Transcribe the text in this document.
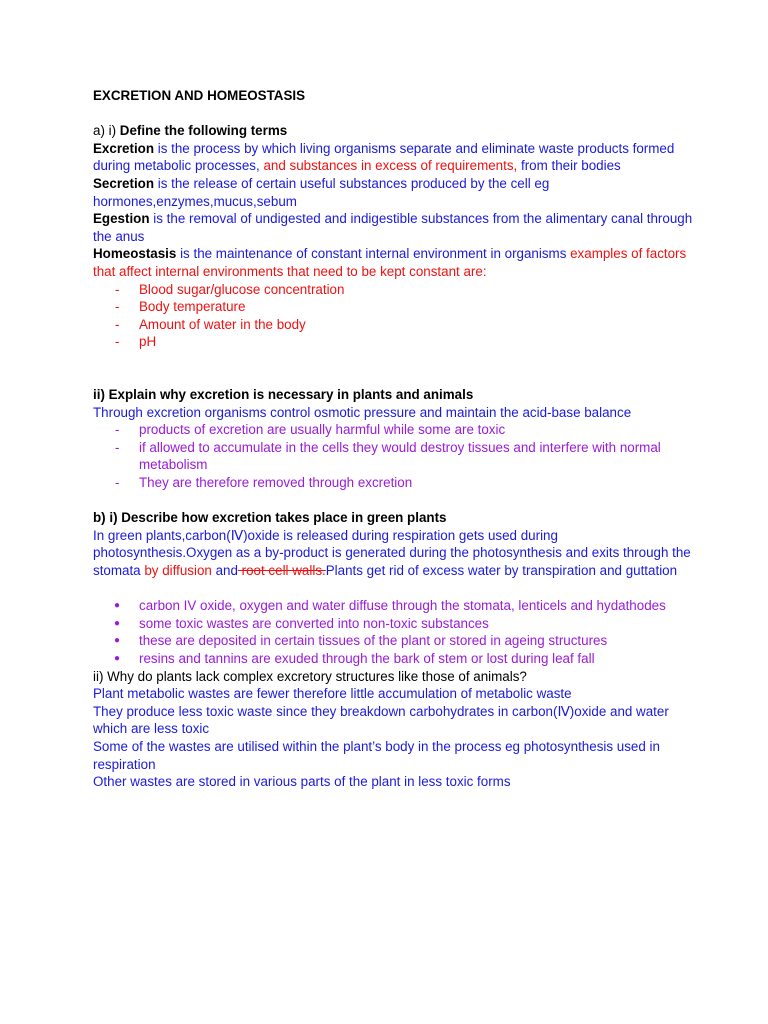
EXCRETION AND HOMEOSTASIS

a) i) Define the following terms

Excretion is the process by which living organisms separate and eliminate waste products formed during metabolic processes, and substances in excess of requirements, from their bodies

Secretion is the release of certain useful substances produced by the cell eg hormones,enzymes,mucus,sebum

Egestion is the removal of undigested and indigestible substances from the alimentary canal through the anus

Homeostasis is the maintenance of constant internal environment in organisms examples of factors that affect internal environments that need to be kept constant are:

- Blood sugar/glucose concentration
- Body temperature
- Amount of water in the body
- pH

ii) Explain why excretion is necessary in plants and animals

Through excretion organisms control osmotic pressure and maintain the acid-base balance

- products of excretion are usually harmful while some are toxic
- if allowed to accumulate in the cells they would destroy tissues and interfere with normal metabolism
- They are therefore removed through excretion

b) i) Describe how excretion takes place in green plants

In green plants,carbon(Ⅳ)oxide is released during respiration gets used during photosynthesis.Oxygen as a by-product is generated during the photosynthesis and exits through the stomata by diffusion and root cell walls.Plants get rid of excess water by transpiration and guttation

● carbon IV oxide, oxygen and water diffuse through the stomata, lenticels and hydathodes
● some toxic wastes are converted into non-toxic substances
● these are deposited in certain tissues of the plant or stored in ageing structures
● resins and tannins are exuded through the bark of stem or lost during leaf fall

ii) Why do plants lack complex excretory structures like those of animals?

Plant metabolic wastes are fewer therefore little accumulation of metabolic waste

They produce less toxic waste since they breakdown carbohydrates in carbon(Ⅳ)oxide and water which are less toxic

Some of the wastes are utilised within the plant’s body in the process eg photosynthesis used in respiration

Other wastes are stored in various parts of the plant in less toxic forms
